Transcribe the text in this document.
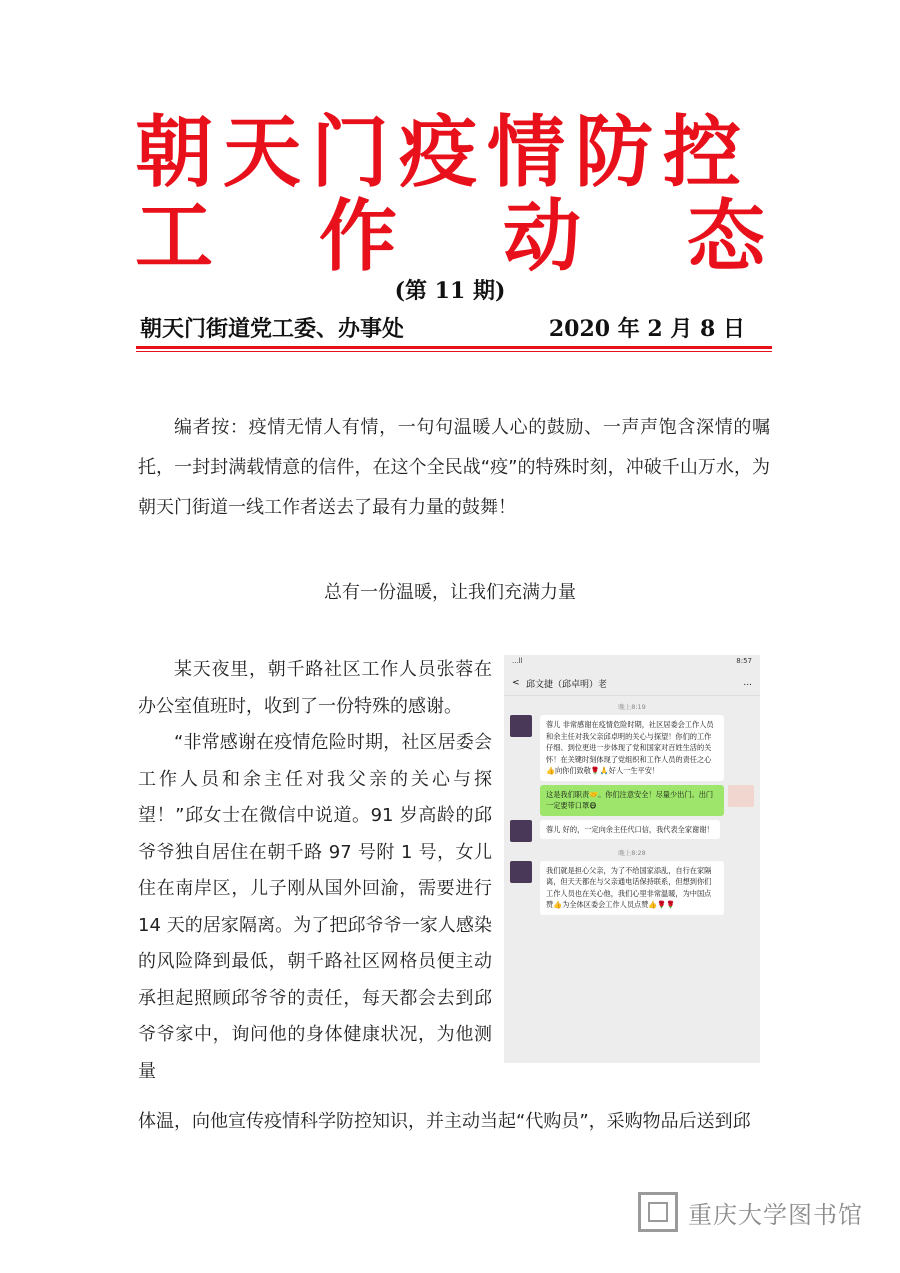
朝天门疫情防控
工 作 动 态
(第 11 期)
朝天门街道党工委、办事处	2020 年 2 月 8 日
编者按：疫情无情人有情，一句句温暖人心的鼓励、一声声饱含深情的嘱托，一封封满载情意的信件，在这个全民战“疫”的特殊时刻，冲破千山万水，为朝天门街道一线工作者送去了最有力量的鼓舞！
总有一份温暖，让我们充满力量

某天夜里，朝千路社区工作人员张蓉在办公室值班时，收到了一份特殊的感谢。

“非常感谢在疫情危险时期，社区居委会工作人员和余主任对我父亲的关心与探望！”邱女士在微信中说道。91 岁高龄的邱爷爷独自居住在朝千路 97 号附 1 号，女儿住在南岸区，儿子刚从国外回渝，需要进行 14 天的居家隔离。为了把邱爷爷一家人感染的风险降到最低，朝千路社区网格员便主动承担起照顾邱爷爷的责任，每天都会去到邱爷爷家中，询问他的身体健康状况，为他测量

体温，向他宣传疫情科学防控知识，并主动当起“代购员”，采购物品后送到邱
...ll	8:57
< 邱文捷（邱卓明）老	...
晚上8:19
蓉儿 非常感谢在疫情危险时期，社区居委会工作人员和余主任对我父亲邱卓明的关心与探望！你们的工作仔细、到位更进一步体现了党和国家对百姓生活的关怀！在关键时刻体现了党组织和工作人员的责任之心👍向你们致敬🌹🙏好人一生平安！
这是我们职责🤝。你们注意安全！尽量少出门。出门一定要带口罩😷
蓉儿 好的，一定向余主任代口信，我代表全家谢谢！
晚上8:28
我们就是担心父亲，为了不给国家添乱，自行在家隔离，但天天都在与父亲通电话保持联系，但想到你们工作人员也在关心他，我们心里非常温暖，为中国点赞👍为全体区委会工作人员点赞👍🌹🌹
重庆大学图书馆
